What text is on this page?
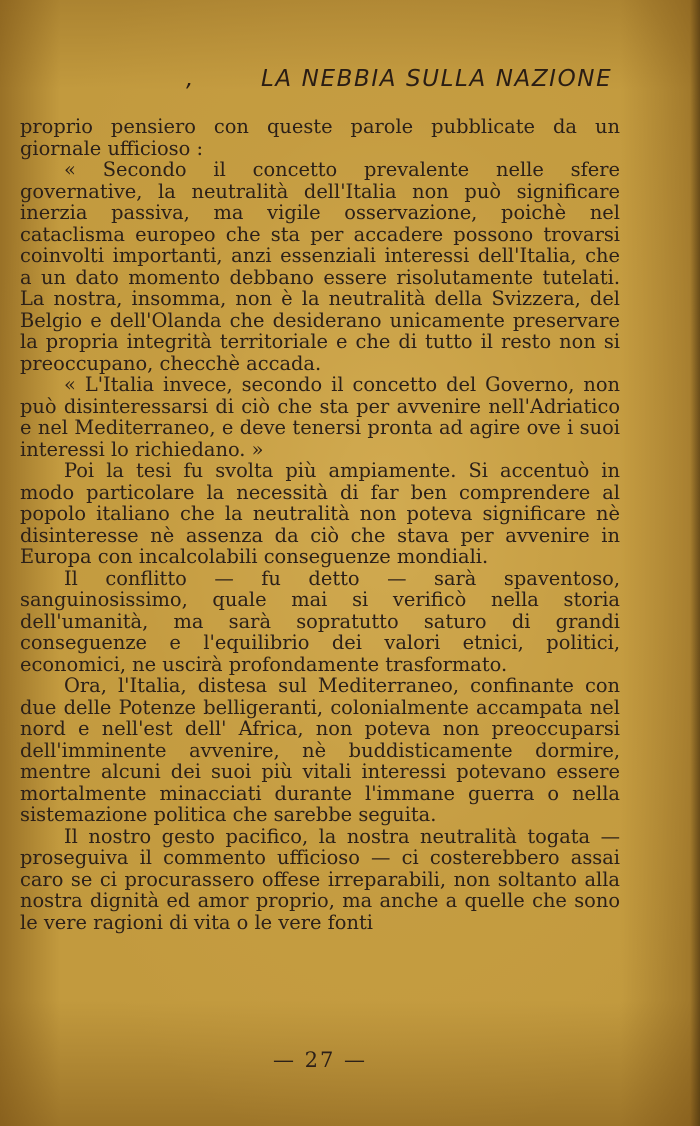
,	LA NEBBIA SULLA NAZIONE

proprio pensiero con queste parole pubblicate da un giornale ufficioso :

« Secondo il concetto prevalente nelle sfere governative, la neutralità dell'Italia non può significare inerzia passiva, ma vigile osservazione, poichè nel cataclisma europeo che sta per accadere possono trovarsi coinvolti importanti, anzi essenziali interessi dell'Italia, che a un dato momento debbano essere risolutamente tutelati. La nostra, insomma, non è la neutralità della Svizzera, del Belgio e dell'Olanda che desiderano unicamente preservare la propria integrità territoriale e che di tutto il resto non si preoccupano, checchè accada.

« L'Italia invece, secondo il concetto del Governo, non può disinteressarsi di ciò che sta per avvenire nell'Adriatico e nel Mediterraneo, e deve tenersi pronta ad agire ove i suoi interessi lo richiedano. »

Poi la tesi fu svolta più ampiamente. Si accentuò in modo particolare la necessità di far ben comprendere al popolo italiano che la neutralità non poteva significare nè disinteresse nè assenza da ciò che stava per avvenire in Europa con incalcolabili conseguenze mondiali.

Il conflitto — fu detto — sarà spaventoso, sanguinosissimo, quale mai si verificò nella storia dell'umanità, ma sarà sopratutto saturo di grandi conseguenze e l'equilibrio dei valori etnici, politici, economici, ne uscirà profondamente trasformato.

Ora, l'Italia, distesa sul Mediterraneo, confinante con due delle Potenze belligeranti, colonialmente accampata nel nord e nell'est dell' Africa, non poteva non preoccuparsi dell'imminente avvenire, nè buddisticamente dormire, mentre alcuni dei suoi più vitali interessi potevano essere mortalmente minacciati durante l'immane guerra o nella sistemazione politica che sarebbe seguita.

Il nostro gesto pacifico, la nostra neutralità togata — proseguiva il commento ufficioso — ci costerebbero assai caro se ci procurassero offese irreparabili, non soltanto alla nostra dignità ed amor proprio, ma anche a quelle che sono le vere ragioni di vita o le vere fonti

— 27 —
